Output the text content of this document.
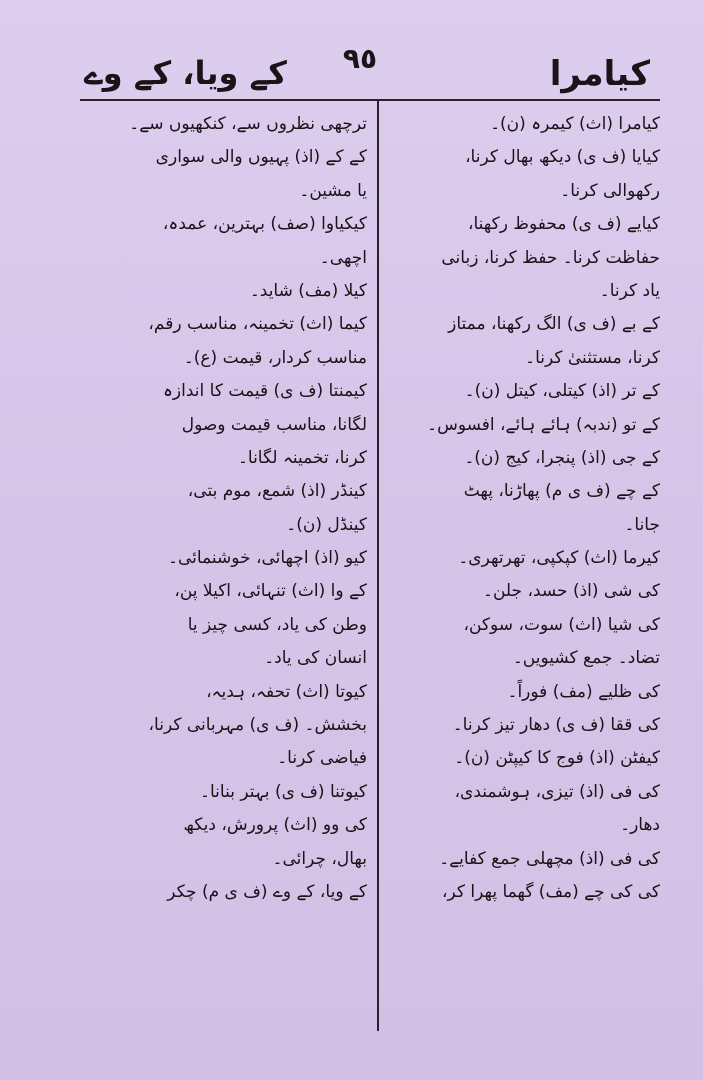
کے ویا، کے وے	٩٥	کیامرا
کیامرا (اث) کیمرہ (ن)۔
کیایا (ف ی) دیکھ بھال کرنا،
رکھوالی کرنا۔
کیایے (ف ی) محفوظ رکھنا،
حفاظت کرنا۔ حفظ کرنا، زبانی
یاد کرنا۔
کے بے (ف ی) الگ رکھنا، ممتاز
کرنا، مستثنیٰ کرنا۔
کے تر (اذ) کیتلی، کیتل (ن)۔
کے تو (ندبہ) ہائے ہائے، افسوس۔
کے جی (اذ) پنجرا، کیج (ن)۔
کے چے (ف ی م) پھاڑنا، پھٹ
جانا۔
کیرما (اث) کپکپی، تھرتھری۔
کی شی (اذ) حسد، جلن۔
کی شیا (اث) سوت، سوکن،
تضاد۔ جمع کشیویں۔
کی ظلیے (مف) فوراً۔
کی ققا (ف ی) دھار تیز کرنا۔
کیفٹن (اذ) فوج کا کیپٹن (ن)۔
کی فی (اذ) تیزی، ہوشمندی،
دھار۔
کی فی (اذ) مچھلی جمع کفایے۔
کی کی چے (مف) گھما پھرا کر،
ترچھی نظروں سے، کنکھیوں سے۔
کے کے (اذ) پہیوں والی سواری
یا مشین۔
کیکیاوا (صف) بہترین، عمدہ،
اچھی۔
کیلا (مف) شاید۔
کیما (اث) تخمینہ، مناسب رقم،
مناسب کردار، قیمت (ع)۔
کیمنتا (ف ی) قیمت کا اندازہ
لگانا، مناسب قیمت وصول
کرنا، تخمینہ لگانا۔
کینڈر (اذ) شمع، موم بتی،
کینڈل (ن)۔
کیو (اذ) اچھائی، خوشنمائی۔
کے وا (اث) تنہائی، اکیلا پن،
وطن کی یاد، کسی چیز یا
انسان کی یاد۔
کیوتا (اث) تحفہ، ہدیہ،
بخشش۔ (ف ی) مہربانی کرنا،
فیاضی کرنا۔
کیوتنا (ف ی) بہتر بنانا۔
کی وو (اث) پرورش، دیکھ
بھال، چرائی۔
کے ویا، کے وے (ف ی م) چکر
